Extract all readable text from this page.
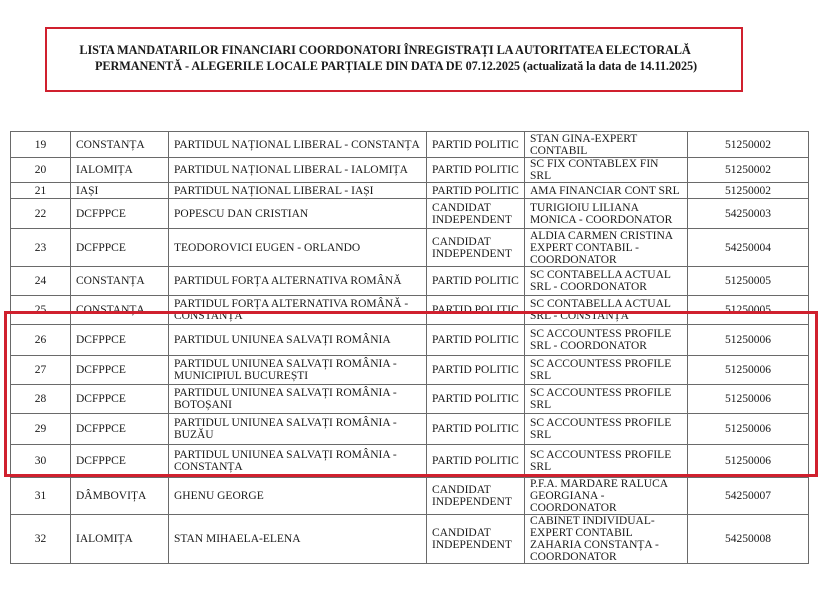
LISTA MANDATARILOR FINANCIARI COORDONATORI ÎNREGISTRAȚI LA AUTORITATEA ELECTORALĂ
PERMANENTĂ - ALEGERILE LOCALE PARȚIALE DIN DATA DE 07.12.2025 (actualizată la data de 14.11.2025)
19	CONSTANȚA	PARTIDUL NAȚIONAL LIBERAL - CONSTANȚA	PARTID POLITIC	STAN GINA-EXPERT CONTABIL	51250002
20	IALOMIȚA	PARTIDUL NAȚIONAL LIBERAL - IALOMIȚA	PARTID POLITIC	SC FIX CONTABLEX FIN SRL	51250002
21	IAȘI	PARTIDUL NAȚIONAL LIBERAL - IAȘI	PARTID POLITIC	AMA FINANCIAR CONT SRL	51250002
22	DCFPPCE	POPESCU DAN CRISTIAN	CANDIDAT INDEPENDENT	TURIGIOIU LILIANA MONICA - COORDONATOR	54250003
23	DCFPPCE	TEODOROVICI EUGEN - ORLANDO	CANDIDAT INDEPENDENT	ALDIA CARMEN CRISTINA EXPERT CONTABIL - COORDONATOR	54250004
24	CONSTANȚA	PARTIDUL FORȚA ALTERNATIVA ROMÂNĂ	PARTID POLITIC	SC CONTABELLA ACTUAL SRL - COORDONATOR	51250005
25	CONSTANȚA	PARTIDUL FORȚA ALTERNATIVA ROMÂNĂ - CONSTANȚA	PARTID POLITIC	SC CONTABELLA ACTUAL SRL - CONSTANȚA	51250005
26	DCFPPCE	PARTIDUL UNIUNEA SALVAȚI ROMÂNIA	PARTID POLITIC	SC ACCOUNTESS PROFILE SRL - COORDONATOR	51250006
27	DCFPPCE	PARTIDUL UNIUNEA SALVAȚI ROMÂNIA - MUNICIPIUL BUCUREȘTI	PARTID POLITIC	SC ACCOUNTESS PROFILE SRL	51250006
28	DCFPPCE	PARTIDUL UNIUNEA SALVAȚI ROMÂNIA - BOTOȘANI	PARTID POLITIC	SC ACCOUNTESS PROFILE SRL	51250006
29	DCFPPCE	PARTIDUL UNIUNEA SALVAȚI ROMÂNIA - BUZĂU	PARTID POLITIC	SC ACCOUNTESS PROFILE SRL	51250006
30	DCFPPCE	PARTIDUL UNIUNEA SALVAȚI ROMÂNIA - CONSTANȚA	PARTID POLITIC	SC ACCOUNTESS PROFILE SRL	51250006
31	DÂMBOVIȚA	GHENU GEORGE	CANDIDAT INDEPENDENT	P.F.A. MARDARE RALUCA GEORGIANA - COORDONATOR	54250007
32	IALOMIȚA	STAN MIHAELA-ELENA	CANDIDAT INDEPENDENT	CABINET INDIVIDUAL- EXPERT CONTABIL ZAHARIA CONSTANȚA - COORDONATOR	54250008
